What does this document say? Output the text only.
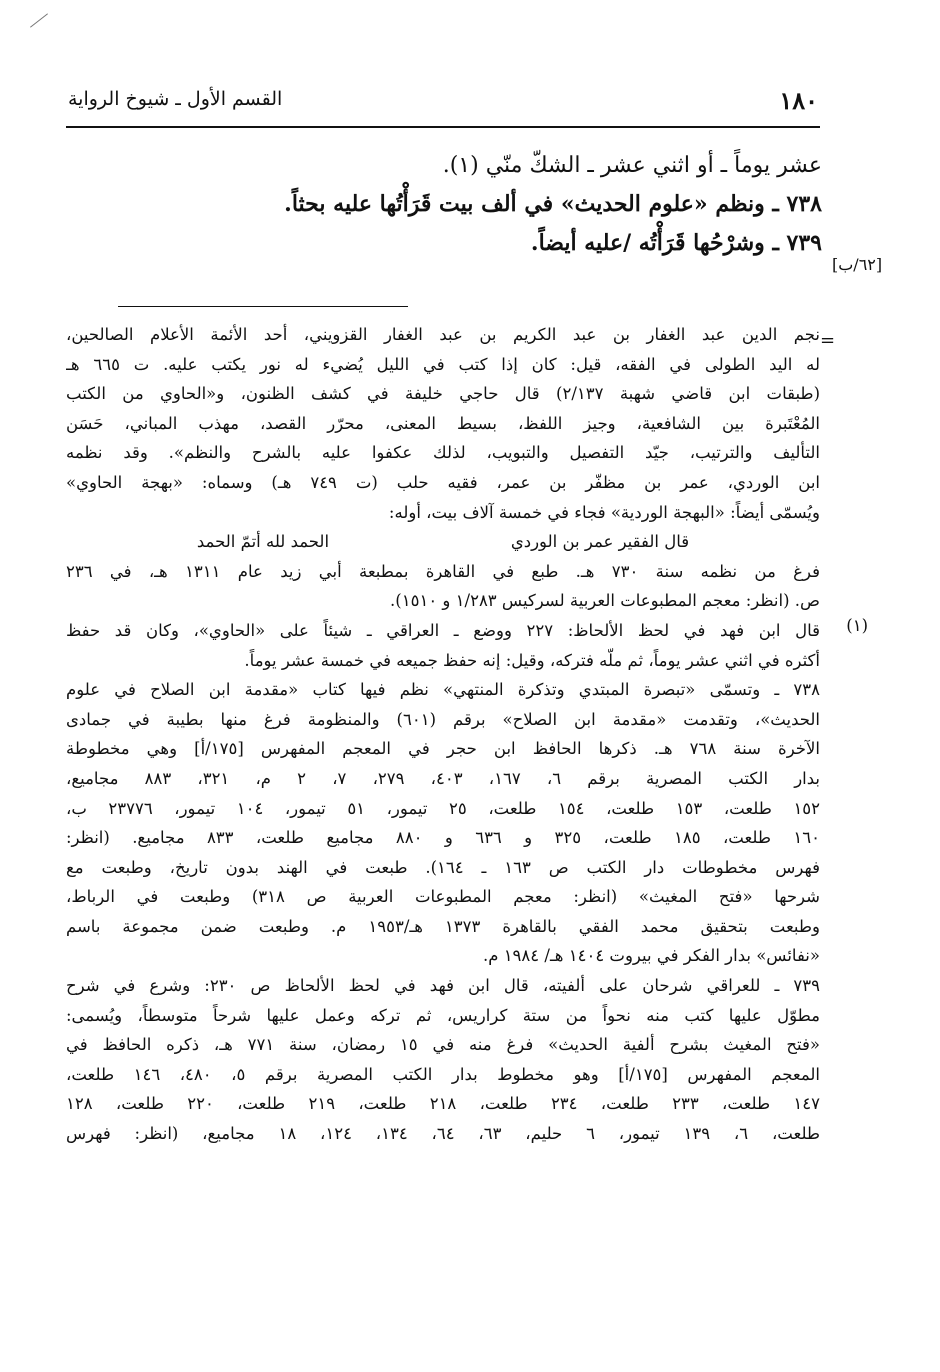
١٨٠
القسم الأول ـ شيوخ الرواية
عشر يوماً ـ أو اثني عشر ـ الشكّ منّي (١).
٧٣٨ ـ ونظم «علوم الحديث» في ألف بيت قَرَأْتُها عليه بحثاً.
٧٣٩ ـ وشرْحُها قَرَأْتُه /عليه أيضاً.
[٦٢/ب]
=
نجم الدين عبد الغفار بن عبد الكريم بن عبد الغفار القزويني، أحد الأئمة الأعلام الصالحين،
له اليد الطولى في الفقه، قيل: كان إذا كتب في الليل يُضيء له نور يكتب عليه. ت ٦٦٥ هـ
(طبقات ابن قاضي شهبة ٢/١٣٧) قال حاجي خليفة في كشف الظنون، و«الحاوي من الكتب
المُعْتَبرة بين الشافعية، وجيز اللفظ، بسيط المعنى، محرّر القصد، مهذب المباني، حَسَن
التأليف والترتيب، جيّد التفصيل والتبويب، لذلك عكفوا عليه بالشرح والنظم». وقد نظمه
ابن الوردي، عمر بن مظفّر بن عمر، فقيه حلب (ت ٧٤٩ هـ) وسماه: «بهجة الحاوي»
ويُسمّى أيضاً: «البهجة الوردية» فجاء في خمسة آلاف بيت، أوله:
قال الفقير عمر بن الوردي
الحمد لله أتمّ الحمد
فرغ من نظمه سنة ٧٣٠ هـ. طبع في القاهرة بمطبعة أبي زيد عام ١٣١١ هـ، في ٢٣٦
ص. (انظر: معجم المطبوعات العربية لسركيس ١/٢٨٣ و ١٥١٠).
(١)
قال ابن فهد في لحظ الألحاظ: ٢٢٧ ووضع ـ العراقي ـ شيئاً على «الحاوي»، وكان قد حفظ
أكثره في اثني عشر يوماً، ثم ملّه فتركه، وقيل: إنه حفظ جميعه في خمسة عشر يوماً.
٧٣٨ ـ وتسمّى «تبصرة المبتدي وتذكرة المنتهي» نظم فيها كتاب «مقدمة ابن الصلاح في علوم
الحديث»، وتقدمت «مقدمة ابن الصلاح» برقم (٦٠١) والمنظومة فرغ منها بطيبة في جمادى
الآخرة سنة ٧٦٨ هـ. ذكرها الحافظ ابن حجر في المعجم المفهرس [١٧٥/أ] وهي مخطوطة
بدار الكتب المصرية برقم ٦، ١٦٧، ٤٠٣، ٢٧٩، ٧، ٢ م، ٣٢١، ٨٨٣ مجاميع،
١٥٢ طلعت، ١٥٣ طلعت، ١٥٤ طلعت، ٢٥ تيمور، ٥١ تيمور، ١٠٤ تيمور، ٢٣٧٧٦ ب،
١٦٠ طلعت، ١٨٥ طلعت، ٣٢٥ و ٦٣٦ و ٨٨٠ مجاميع طلعت، ٨٣٣ مجاميع. (انظر:
فهرس مخطوطات دار الكتب ص ١٦٣ ـ ١٦٤). طبعت في الهند بدون تاريخ، وطبعت مع
شرحها «فتح المغيث» (انظر: معجم المطبوعات العربية ص ٣١٨) وطبعت في الرباط،
وطبعت بتحقيق محمد الفقي بالقاهرة ١٣٧٣ هـ/١٩٥٣ م. وطبعت ضمن مجموعة باسم
«نفائس» بدار الفكر في بيروت ١٤٠٤ هـ/ ١٩٨٤ م.
٧٣٩ ـ للعراقي شرحان على ألفيته، قال ابن فهد في لحظ الألحاظ ص ٢٣٠: وشرع في شرح
مطوّل عليها كتب منه نحواً من ستة كراريس، ثم تركه وعمل عليها شرحاً متوسطاً، ويُسمى:
«فتح المغيث بشرح ألفية الحديث» فرغ منه في ١٥ رمضان، سنة ٧٧١ هـ، ذكره الحافظ في
المعجم المفهرس [١٧٥/أ] وهو مخطوط بدار الكتب المصرية برقم ٥، ٤٨٠، ١٤٦ طلعت،
١٤٧ طلعت، ٢٣٣ طلعت، ٢٣٤ طلعت، ٢١٨ طلعت، ٢١٩ طلعت، ٢٢٠ طلعت، ١٢٨
طلعت، ٦، ١٣٩ تيمور، ٦ حليم، ٦٣، ٦٤، ١٣٤، ١٢٤، ١٨ مجاميع، (انظر: فهرس
